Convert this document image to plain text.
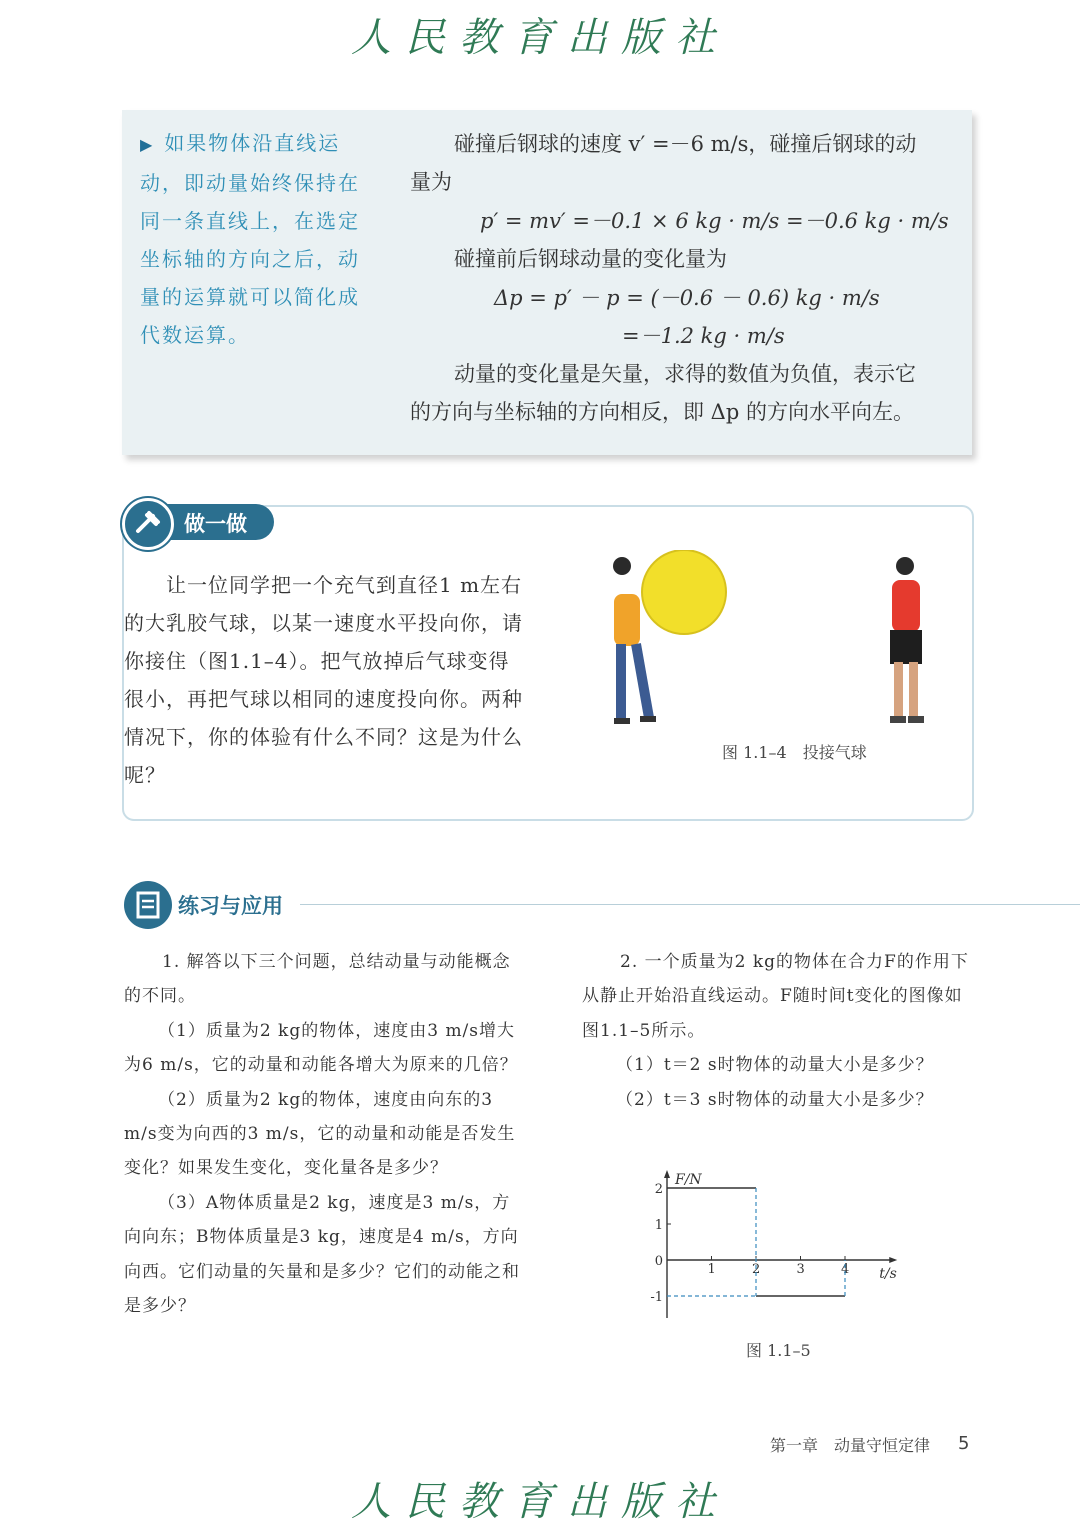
人民教育出版社
▶ 如果物体沿直线运动，即动量始终保持在同一条直线上，在选定坐标轴的方向之后，动量的运算就可以简化成代数运算。
碰撞后钢球的速度 v′ =－6 m/s，碰撞后钢球的动
量为
p′ = mv′ =－0.1 × 6 kg · m/s =－0.6 kg · m/s
碰撞前后钢球动量的变化量为
Δp = p′ － p = (－0.6 － 0.6) kg · m/s
=－1.2 kg · m/s
动量的变化量是矢量，求得的数值为负值，表示它
的方向与坐标轴的方向相反，即 Δp 的方向水平向左。
做一做

让一位同学把一个充气到直径1 m左右的大乳胶气球，以某一速度水平投向你，请你接住（图1.1–4）。把气放掉后气球变得很小，再把气球以相同的速度投向你。两种情况下，你的体验有什么不同？这是为什么呢？

图 1.1–4　投接气球
练习与应用

1. 解答以下三个问题，总结动量与动能概念的不同。

（1）质量为2 kg的物体，速度由3 m/s增大为6 m/s，它的动量和动能各增大为原来的几倍？

（2）质量为2 kg的物体，速度由向东的3 m/s变为向西的3 m/s，它的动量和动能是否发生变化？如果发生变化，变化量各是多少？

（3）A物体质量是2 kg，速度是3 m/s，方向向东；B物体质量是3 kg，速度是4 m/s，方向向西。它们动量的矢量和是多少？它们的动能之和是多少？

2. 一个质量为2 kg的物体在合力F的作用下从静止开始沿直线运动。F随时间t变化的图像如图1.1–5所示。

（1）t＝2 s时物体的动量大小是多少？

（2）t＝3 s时物体的动量大小是多少？

1	2	3	4
2
1
0
-1
F/N
t/s
图 1.1–5
第一章　动量守恒定律 5
人民教育出版社
